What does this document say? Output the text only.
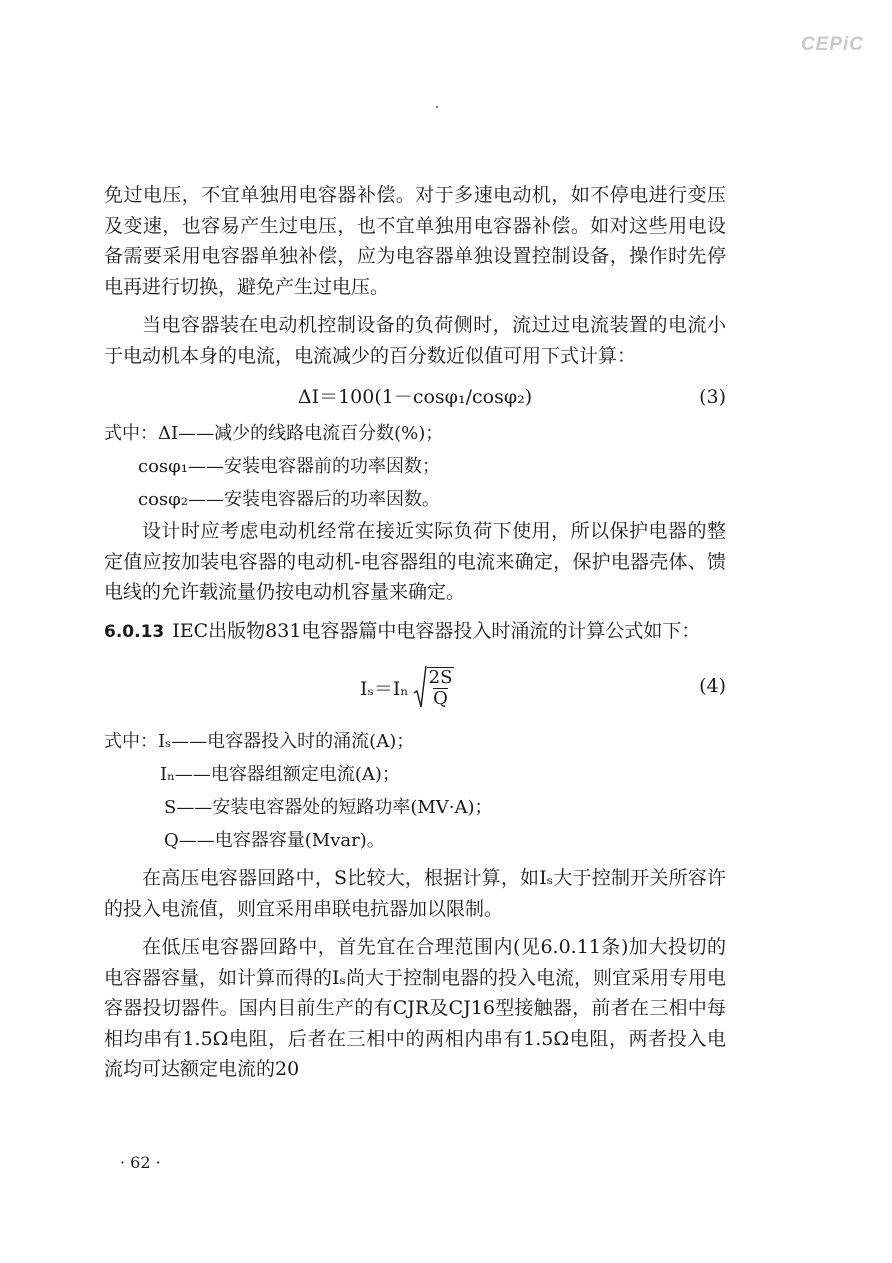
CEPiC

免过电压，不宜单独用电容器补偿。对于多速电动机，如不停电进行变压及变速，也容易产生过电压，也不宜单独用电容器补偿。如对这些用电设备需要采用电容器单独补偿，应为电容器单独设置控制设备，操作时先停电再进行切换，避免产生过电压。

当电容器装在电动机控制设备的负荷侧时，流过过电流装置的电流小于电动机本身的电流，电流减少的百分数近似值可用下式计算：

ΔI＝100(1－cosφ₁/cosφ₂)	(3)

式中：ΔI——减少的线路电流百分数(%)；

cosφ₁——安装电容器前的功率因数；

cosφ₂——安装电容器后的功率因数。

设计时应考虑电动机经常在接近实际负荷下使用，所以保护电器的整定值应按加装电容器的电动机-电容器组的电流来确定，保护电器壳体、馈电线的允许载流量仍按电动机容量来确定。

6.0.13 IEC出版物831电容器篇中电容器投入时涌流的计算公式如下：

$I_s=I_n \frac{2S}{Q}$	(4)

式中：Iₛ——电容器投入时的涌流(A)；

Iₙ——电容器组额定电流(A)；

S——安装电容器处的短路功率(MV·A)；

Q——电容器容量(Mvar)。

在高压电容器回路中，S比较大，根据计算，如Iₛ大于控制开关所容许的投入电流值，则宜采用串联电抗器加以限制。

在低压电容器回路中，首先宜在合理范围内(见6.0.11条)加大投切的电容器容量，如计算而得的Iₛ尚大于控制电器的投入电流，则宜采用专用电容器投切器件。国内目前生产的有CJR及CJ16型接触器，前者在三相中每相均串有1.5Ω电阻，后者在三相中的两相内串有1.5Ω电阻，两者投入电流均可达额定电流的20

· 62 ·
